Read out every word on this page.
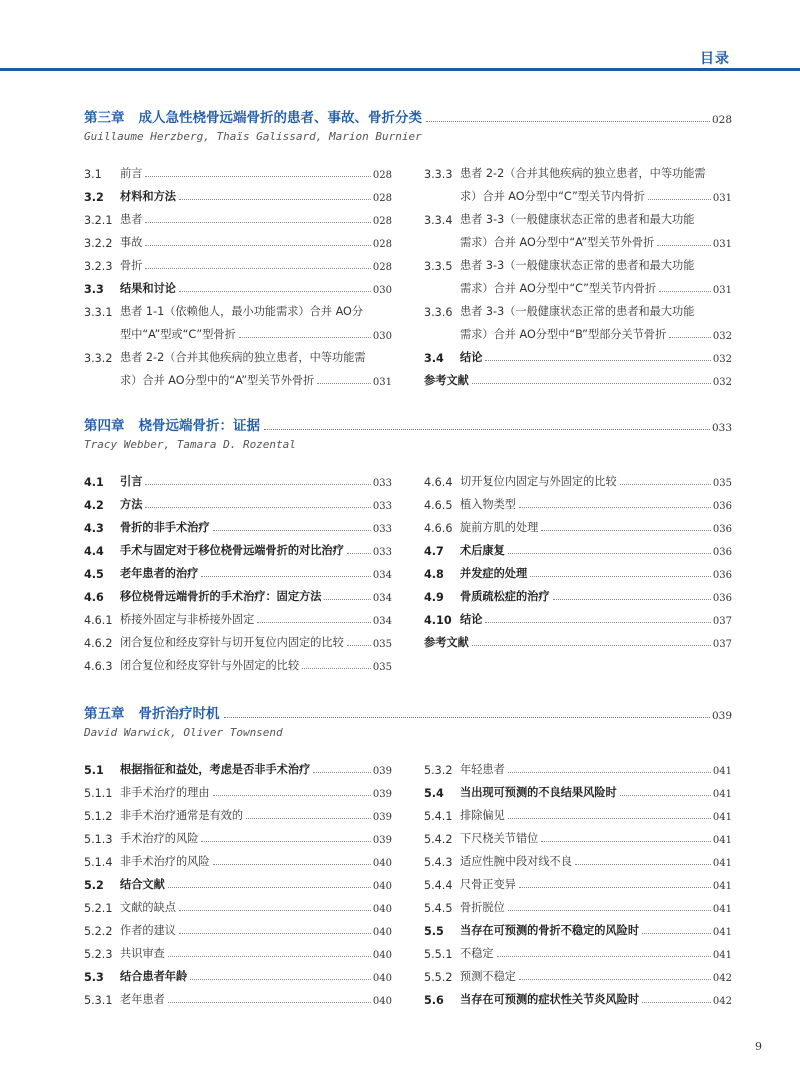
目录
第三章 成人急性桡骨远端骨折的患者、事故、骨折分类	028
Guillaume Herzberg, Thaïs Galissard, Marion Burnier
3.1	前言	028
3.2	材料和方法	028
3.2.1 患者	028
3.2.2 事故	028
3.2.3 骨折	028
3.3	结果和讨论	030
3.3.1 患者 1-1（依赖他人，最小功能需求）合并 AO分
型中“A”型或“C”型骨折	030
3.3.2 患者 2-2（合并其他疾病的独立患者，中等功能需
求）合并 AO分型中的“A”型关节外骨折	031
3.3.3 患者 2-2（合并其他疾病的独立患者，中等功能需
求）合并 AO分型中“C”型关节内骨折	031
3.3.4 患者 3-3（一般健康状态正常的患者和最大功能
需求）合并 AO分型中“A”型关节外骨折	031
3.3.5 患者 3-3（一般健康状态正常的患者和最大功能
需求）合并 AO分型中“C”型关节内骨折	031
3.3.6 患者 3-3（一般健康状态正常的患者和最大功能
需求）合并 AO分型中“B”型部分关节骨折	032
3.4	结论	032
参考文献	032
第四章 桡骨远端骨折：证据	033
Tracy Webber, Tamara D. Rozental
4.1	引言	033
4.2	方法	033
4.3	骨折的非手术治疗	033
4.4	手术与固定对于移位桡骨远端骨折的对比治疗	033
4.5	老年患者的治疗	034
4.6	移位桡骨远端骨折的手术治疗：固定方法	034
4.6.1 桥接外固定与非桥接外固定	034
4.6.2 闭合复位和经皮穿针与切开复位内固定的比较	035
4.6.3 闭合复位和经皮穿针与外固定的比较	035
4.6.4 切开复位内固定与外固定的比较	035
4.6.5 植入物类型	036
4.6.6 旋前方肌的处理	036
4.7	术后康复	036
4.8	并发症的处理	036
4.9	骨质疏松症的治疗	036
4.10 结论	037
参考文献	037
第五章 骨折治疗时机	039
David Warwick, Oliver Townsend
5.1	根据指征和益处，考虑是否非手术治疗	039
5.1.1 非手术治疗的理由	039
5.1.2 非手术治疗通常是有效的	039
5.1.3 手术治疗的风险	039
5.1.4 非手术治疗的风险	040
5.2	结合文献	040
5.2.1 文献的缺点	040
5.2.2 作者的建议	040
5.2.3 共识审查	040
5.3	结合患者年龄	040
5.3.1 老年患者	040
5.3.2 年轻患者	041
5.4	当出现可预测的不良结果风险时	041
5.4.1 排除偏见	041
5.4.2 下尺桡关节错位	041
5.4.3 适应性腕中段对线不良	041
5.4.4 尺骨正变异	041
5.4.5 骨折脱位	041
5.5	当存在可预测的骨折不稳定的风险时	041
5.5.1 不稳定	041
5.5.2 预测不稳定	042
5.6	当存在可预测的症状性关节炎风险时	042
9
